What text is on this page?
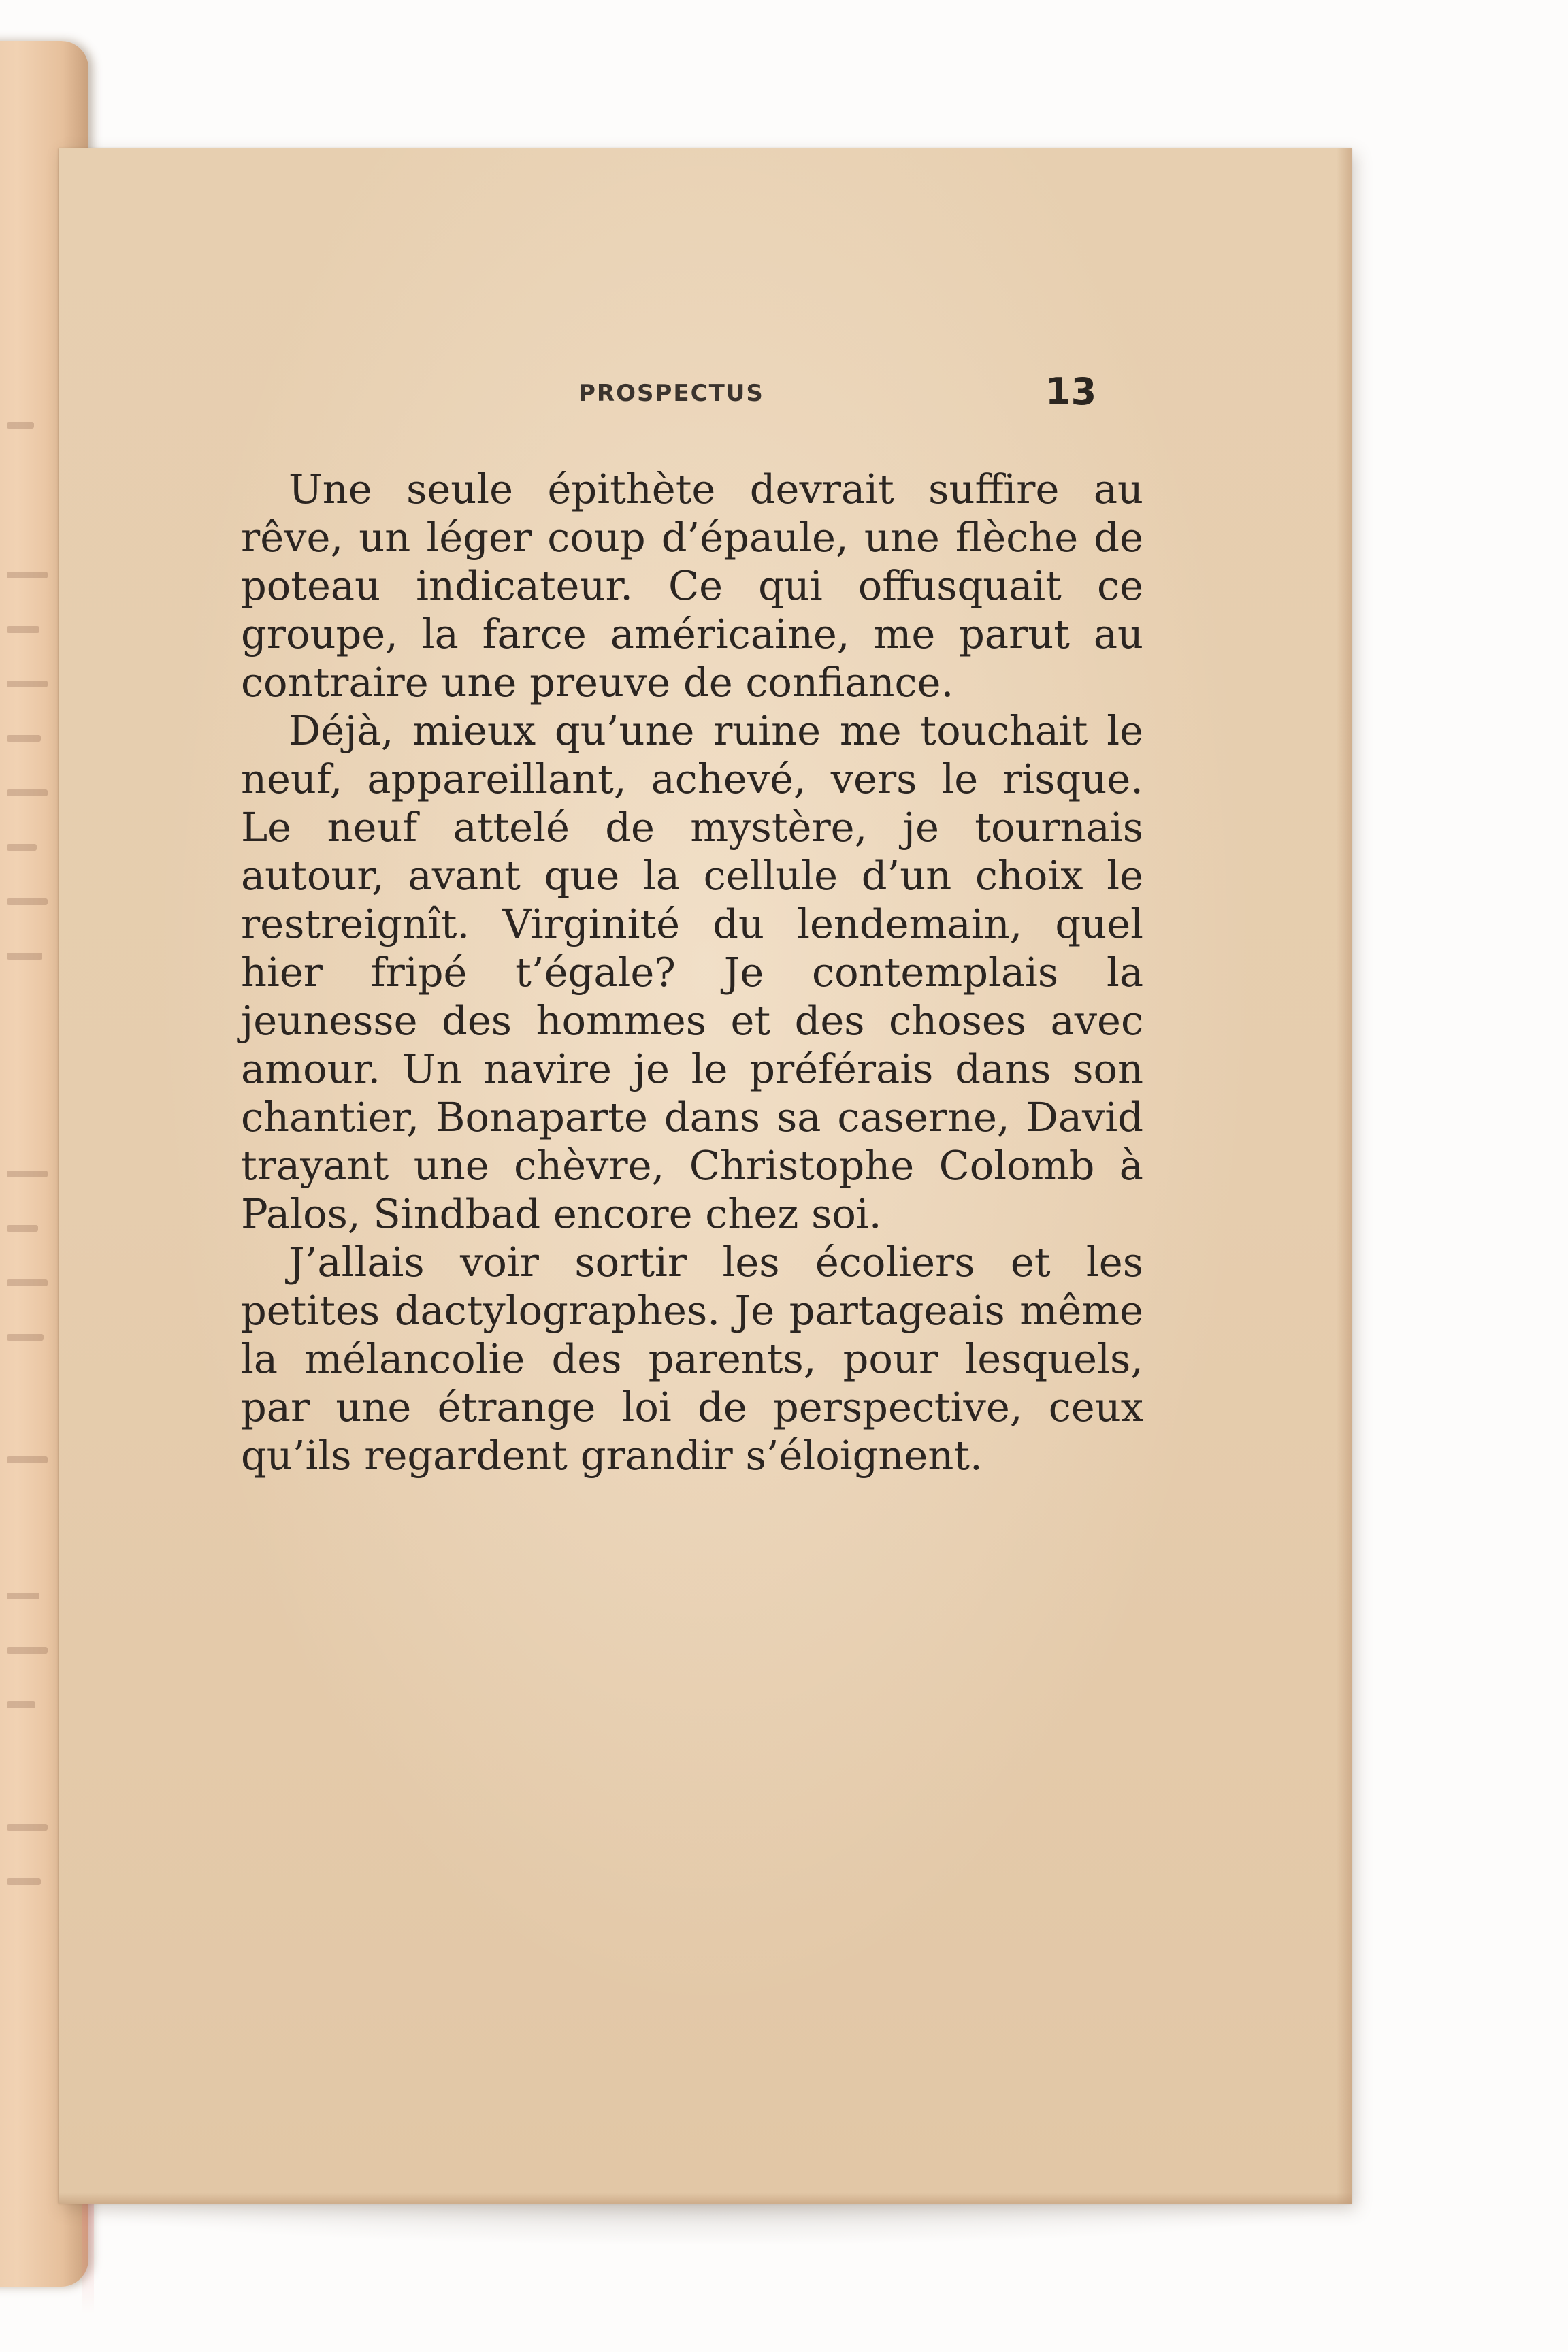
PROSPECTUS	13

Une seule épithète devrait suffire au rêve, un léger coup d’épaule, une flèche de poteau indicateur. Ce qui offusquait ce groupe, la farce américaine, me parut au contraire une preuve de confiance.

Déjà, mieux qu’une ruine me touchait le neuf, appareillant, achevé, vers le risque. Le neuf attelé de mystère, je tournais autour, avant que la cellule d’un choix le restreignît. Virginité du lendemain, quel hier fripé t’égale? Je contemplais la jeunesse des hommes et des choses avec amour. Un navire je le préférais dans son chantier, Bonaparte dans sa caserne, David trayant une chèvre, Christophe Colomb à Palos, Sindbad encore chez soi.

J’allais voir sortir les écoliers et les petites dactylographes. Je partageais même la mélancolie des parents, pour lesquels, par une étrange loi de perspective, ceux qu’ils regardent grandir s’éloignent.
